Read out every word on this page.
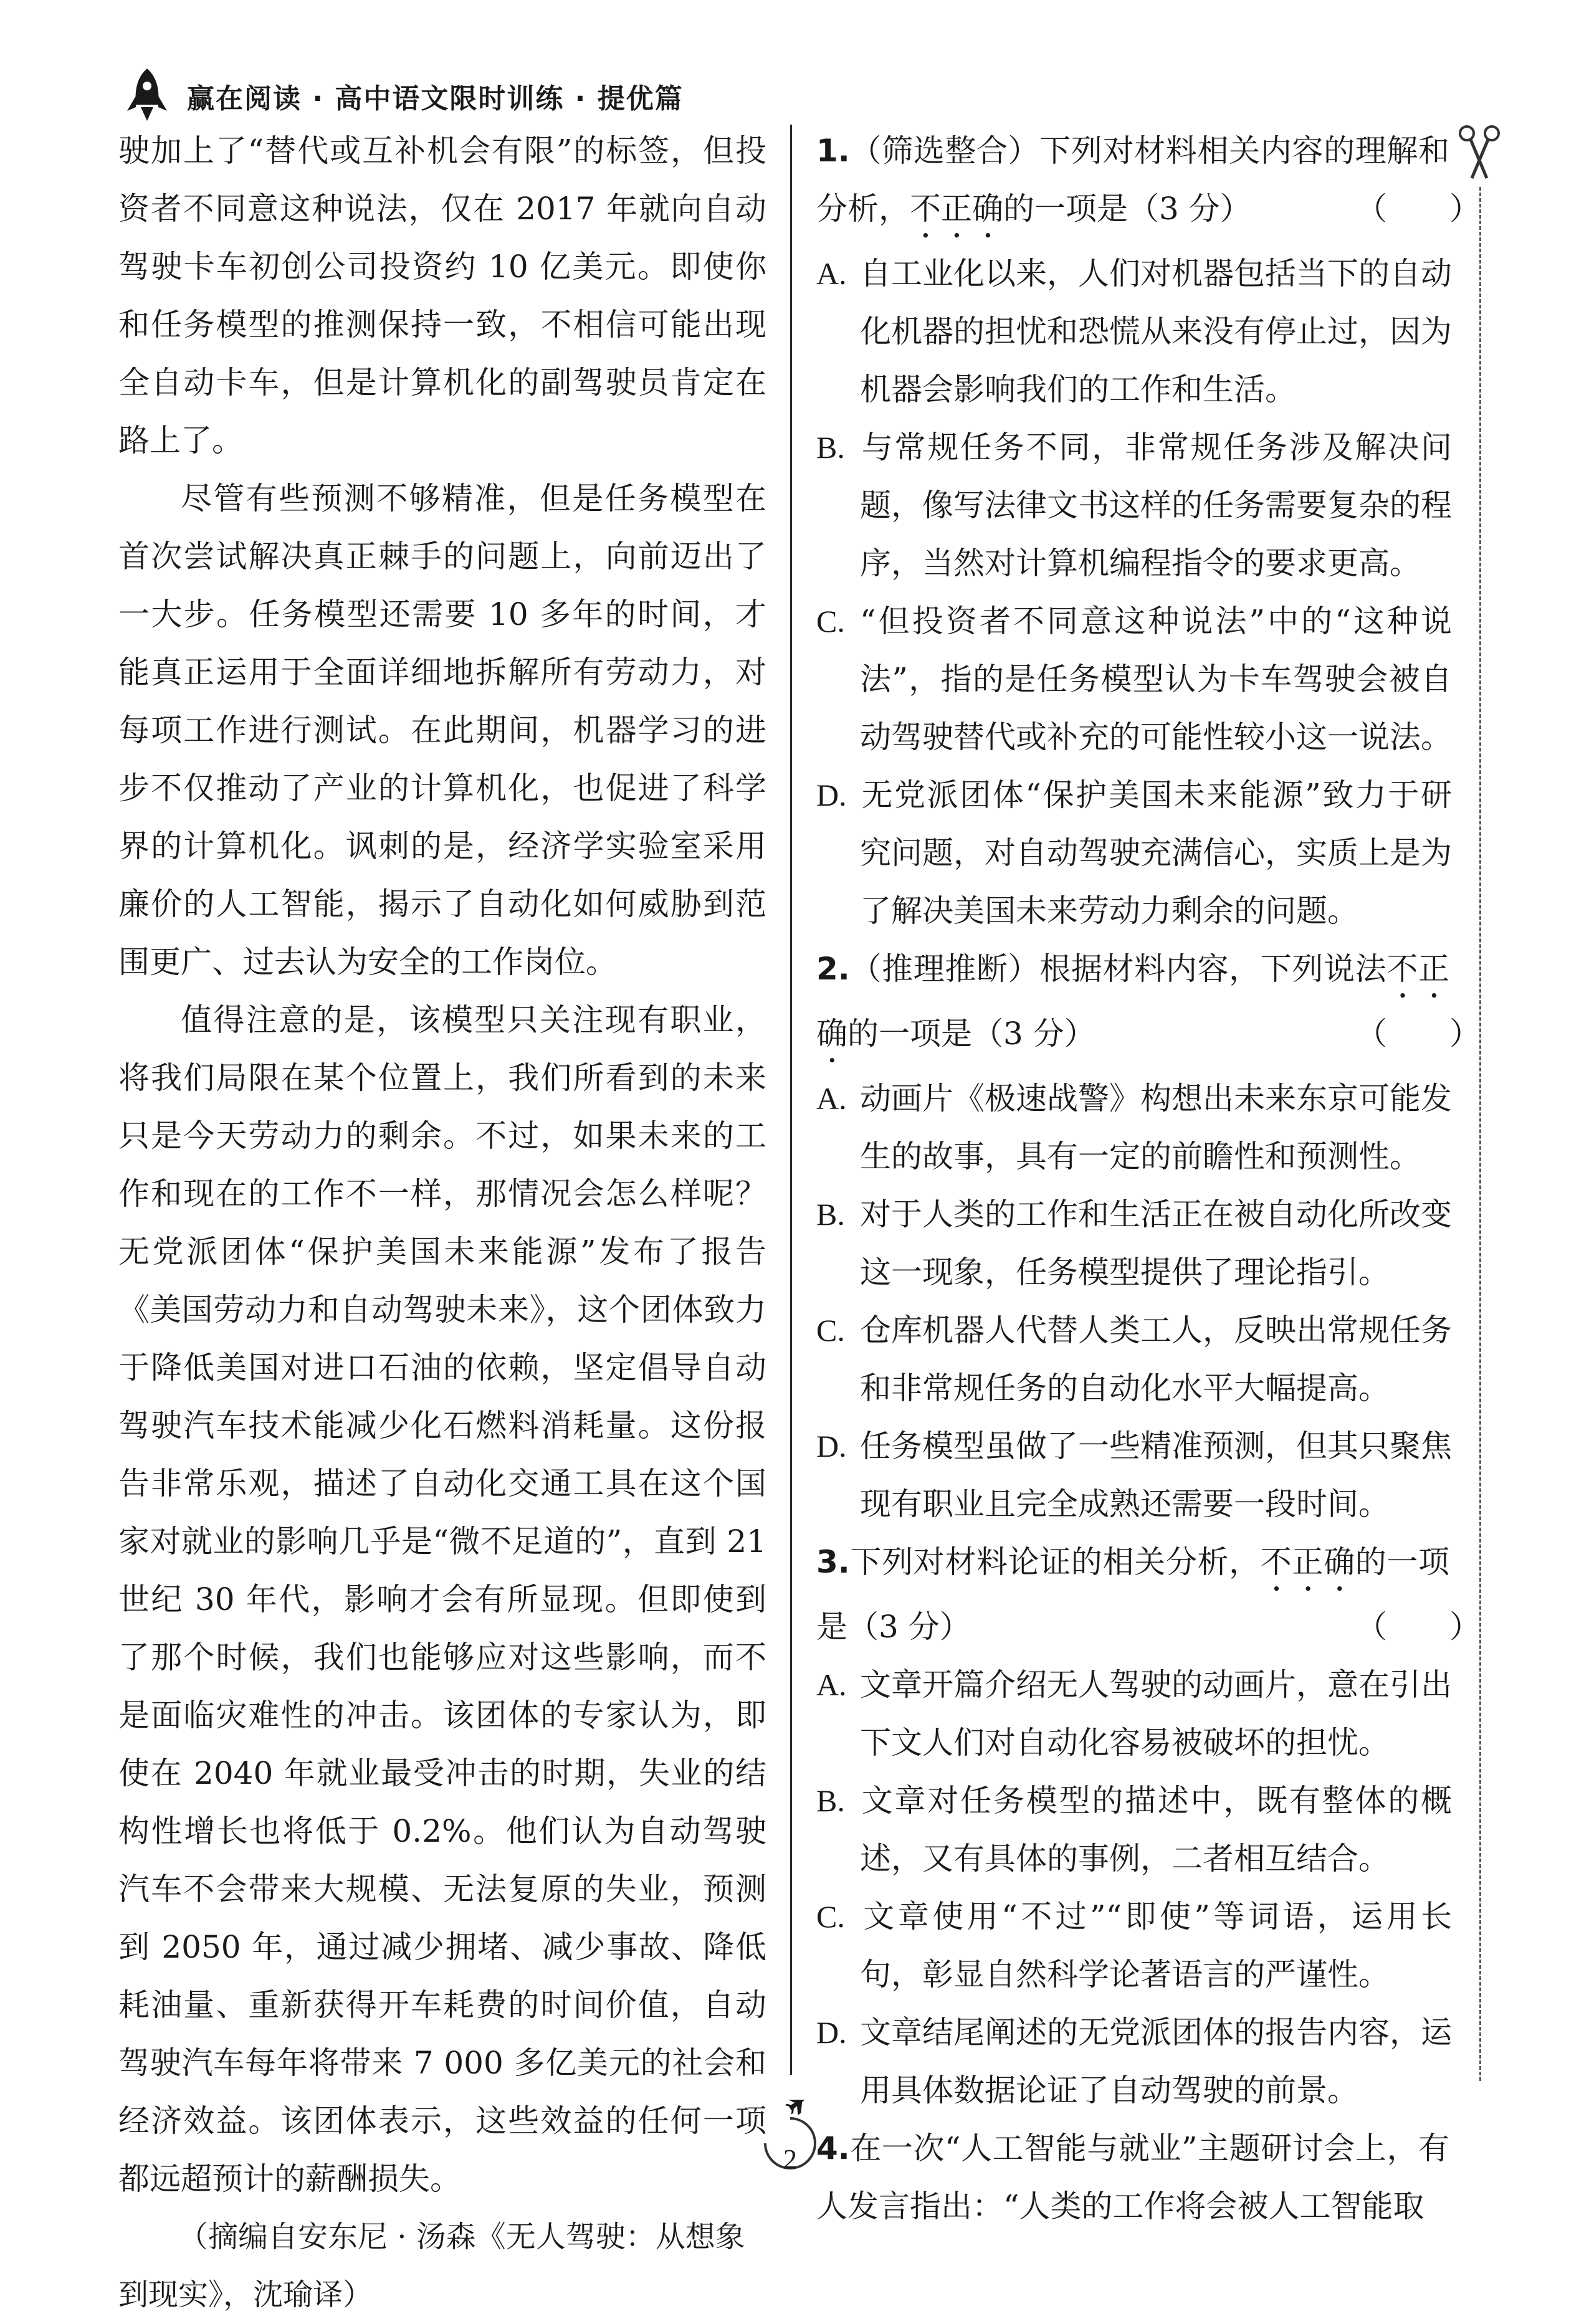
赢在阅读 · 高中语文限时训练 · 提优篇

驶加上了“替代或互补机会有限”的标签，但投资者不同意这种说法，仅在 2017 年就向自动驾驶卡车初创公司投资约 10 亿美元。即使你和任务模型的推测保持一致，不相信可能出现全自动卡车，但是计算机化的副驾驶员肯定在路上了。

尽管有些预测不够精准，但是任务模型在首次尝试解决真正棘手的问题上，向前迈出了一大步。任务模型还需要 10 多年的时间，才能真正运用于全面详细地拆解所有劳动力，对每项工作进行测试。在此期间，机器学习的进步不仅推动了产业的计算机化，也促进了科学界的计算机化。讽刺的是，经济学实验室采用廉价的人工智能，揭示了自动化如何威胁到范围更广、过去认为安全的工作岗位。

值得注意的是，该模型只关注现有职业，将我们局限在某个位置上，我们所看到的未来只是今天劳动力的剩余。不过，如果未来的工作和现在的工作不一样，那情况会怎么样呢？无党派团体“保护美国未来能源”发布了报告《美国劳动力和自动驾驶未来》，这个团体致力于降低美国对进口石油的依赖，坚定倡导自动驾驶汽车技术能减少化石燃料消耗量。这份报告非常乐观，描述了自动化交通工具在这个国家对就业的影响几乎是“微不足道的”，直到 21 世纪 30 年代，影响才会有所显现。但即使到了那个时候，我们也能够应对这些影响，而不是面临灾难性的冲击。该团体的专家认为，即使在 2040 年就业最受冲击的时期，失业的结构性增长也将低于 0.2%。他们认为自动驾驶汽车不会带来大规模、无法复原的失业，预测到 2050 年，通过减少拥堵、减少事故、降低耗油量、重新获得开车耗费的时间价值，自动驾驶汽车每年将带来 7 000 多亿美元的社会和经济效益。该团体表示，这些效益的任何一项都远超预计的薪酬损失。

（摘编自安东尼 · 汤森《无人驾驶：从想象到现实》，沈瑜译）

1.（筛选整合）下列对材料相关内容的理解和分析，不正确的一项是（3 分）	（　　）

A. 自工业化以来，人们对机器包括当下的自动化机器的担忧和恐慌从来没有停止过，因为机器会影响我们的工作和生活。

B. 与常规任务不同，非常规任务涉及解决问题，像写法律文书这样的任务需要复杂的程序，当然对计算机编程指令的要求更高。

C. “但投资者不同意这种说法”中的“这种说法”，指的是任务模型认为卡车驾驶会被自动驾驶替代或补充的可能性较小这一说法。

D. 无党派团体“保护美国未来能源”致力于研究问题，对自动驾驶充满信心，实质上是为了解决美国未来劳动力剩余的问题。

2.（推理推断）根据材料内容，下列说法不正确的一项是（3 分）	（　　）

A. 动画片《极速战警》构想出未来东京可能发生的故事，具有一定的前瞻性和预测性。

B. 对于人类的工作和生活正在被自动化所改变这一现象，任务模型提供了理论指引。

C. 仓库机器人代替人类工人，反映出常规任务和非常规任务的自动化水平大幅提高。

D. 任务模型虽做了一些精准预测，但其只聚焦现有职业且完全成熟还需要一段时间。

3.下列对材料论证的相关分析，不正确的一项是（3 分）	（　　）

A. 文章开篇介绍无人驾驶的动画片，意在引出下文人们对自动化容易被破坏的担忧。

B. 文章对任务模型的描述中，既有整体的概述，又有具体的事例，二者相互结合。

C. 文章使用“不过”“即使”等词语，运用长句，彰显自然科学论著语言的严谨性。

D. 文章结尾阐述的无党派团体的报告内容，运用具体数据论证了自动驾驶的前景。

4.在一次“人工智能与就业”主题研讨会上，有人发言指出：“人类的工作将会被人工智能取

2
